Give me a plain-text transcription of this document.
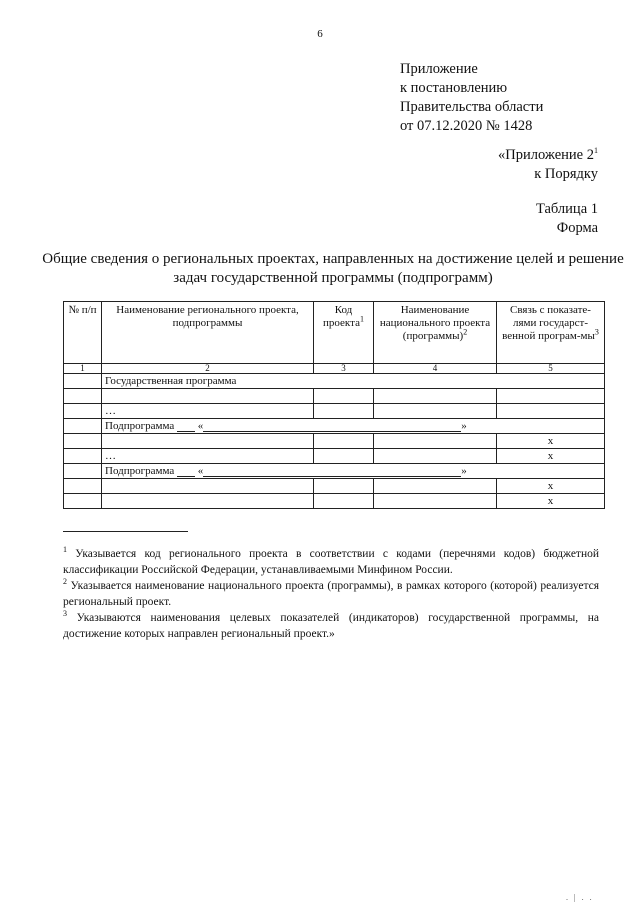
6
Приложение
к постановлению
Правительства области
от 07.12.2020 № 1428
«Приложение $2^1$
к Порядку
Таблица 1
Форма
Общие сведения о региональных проектах, направленных на достижение целей и решение задач государственной программы (подпрограмм)
№ п/п	Наименование регионального проекта, подпрограммы	Код проекта$^1$	Наименование национального проекта (программы)$^2$	Связь с показате-лями государст-венной програм-$мы^3$
1	2	3	4	5
	Государственная программа			

	…			
	Подпрограмма « »			
				x
	…			x
	Подпрограмма « »			
				x
				x

$^1$ Указывается код регионального проекта в соответствии с кодами (перечнями кодов) бюджетной классификации Российской Федерации, устанавливаемыми Минфином России.

$^2$ Указывается наименование национального проекта (программы), в рамках которого (которой) реализуется региональный проект.

$^3$ Указываются наименования целевых показателей (индикаторов) государственной программы, на достижение которых направлен региональный проект.»

. | . .
